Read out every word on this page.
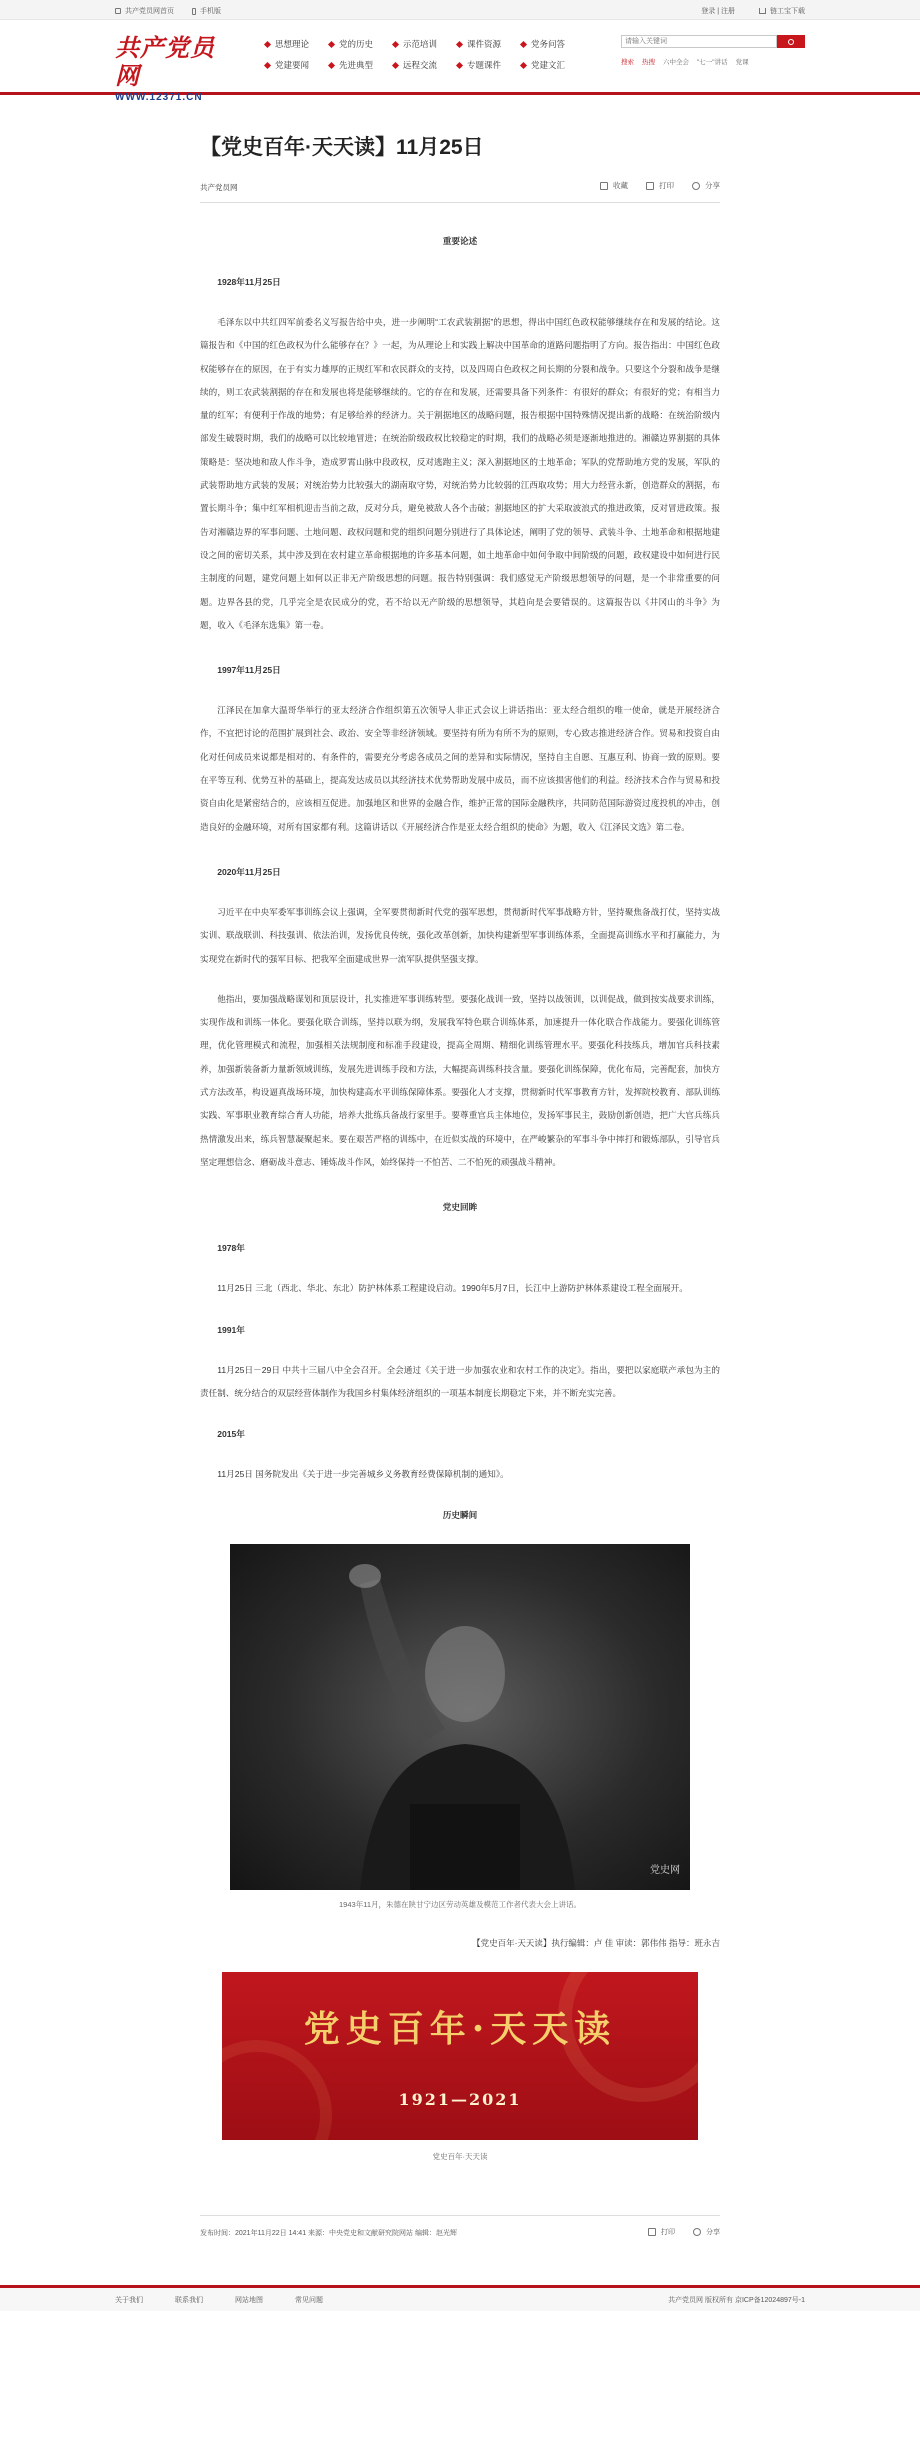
共产党员网首页	手机版	登录 | 注册	链工宝下载
共产党员网
WWW.12371.CN
思想理论	党的历史	示范培训	课件资源	党务问答
党建要闻	先进典型	远程交流	专题课件	党建文汇
请输入关键词	搜索 热搜 六中全会 "七一"讲话 党课
【党史百年·天天读】11月25日
共产党员网	收藏	打印	分享
重要论述
1928年11月25日

毛泽东以中共红四军前委名义写报告给中央，进一步阐明“工农武装割据”的思想，得出中国红色政权能够继续存在和发展的结论。这篇报告和《中国的红色政权为什么能够存在？》一起，为从理论上和实践上解决中国革命的道路问题指明了方向。报告指出：中国红色政权能够存在的原因，在于有实力雄厚的正规红军和农民群众的支持，以及四周白色政权之间长期的分裂和战争。只要这个分裂和战争是继续的，则工农武装割据的存在和发展也将是能够继续的。它的存在和发展，还需要具备下列条件：有很好的群众；有很好的党；有相当力量的红军；有便利于作战的地势；有足够给养的经济力。关于割据地区的战略问题，报告根据中国特殊情况提出新的战略：在统治阶级内部发生破裂时期，我们的战略可以比较地冒进；在统治阶级政权比较稳定的时期，我们的战略必须是逐渐地推进的。湘赣边界割据的具体策略是：坚决地和敌人作斗争，造成罗霄山脉中段政权，反对逃跑主义；深入割据地区的土地革命；军队的党帮助地方党的发展，军队的武装帮助地方武装的发展；对统治势力比较强大的湖南取守势，对统治势力比较弱的江西取攻势；用大力经营永新，创造群众的割据，布置长期斗争；集中红军相机迎击当前之敌，反对分兵，避免被敌人各个击破；割据地区的扩大采取波浪式的推进政策，反对冒进政策。报告对湘赣边界的军事问题、土地问题、政权问题和党的组织问题分别进行了具体论述，阐明了党的领导、武装斗争、土地革命和根据地建设之间的密切关系，其中涉及到在农村建立革命根据地的许多基本问题，如土地革命中如何争取中间阶级的问题，政权建设中如何进行民主制度的问题，建党问题上如何以正非无产阶级思想的问题。报告特别强调：我们感觉无产阶级思想领导的问题，是一个非常重要的问题。边界各县的党，几乎完全是农民成分的党，若不给以无产阶级的思想领导，其趋向是会要错误的。这篇报告以《井冈山的斗争》为题，收入《毛泽东选集》第一卷。

1997年11月25日

江泽民在加拿大温哥华举行的亚太经济合作组织第五次领导人非正式会议上讲话指出：亚太经合组织的唯一使命，就是开展经济合作，不宜把讨论的范围扩展到社会、政治、安全等非经济领域。要坚持有所为有所不为的原则，专心致志推进经济合作。贸易和投资自由化对任何成员来说都是相对的、有条件的，需要充分考虑各成员之间的差异和实际情况，坚持自主自愿、互惠互利、协商一致的原则。要在平等互利、优势互补的基础上，提高发达成员以其经济技术优势帮助发展中成员，而不应该损害他们的利益。经济技术合作与贸易和投资自由化是紧密结合的，应该相互促进。加强地区和世界的金融合作，维护正常的国际金融秩序，共同防范国际游资过度投机的冲击，创造良好的金融环境，对所有国家都有利。这篇讲话以《开展经济合作是亚太经合组织的使命》为题，收入《江泽民文选》第二卷。

2020年11月25日

习近平在中央军委军事训练会议上强调，全军要贯彻新时代党的强军思想，贯彻新时代军事战略方针，坚持聚焦备战打仗，坚持实战实训、联战联训、科技强训、依法治训，发扬优良传统，强化改革创新，加快构建新型军事训练体系，全面提高训练水平和打赢能力，为实现党在新时代的强军目标、把我军全面建成世界一流军队提供坚强支撑。

他指出，要加强战略谋划和顶层设计，扎实推进军事训练转型。要强化战训一致，坚持以战领训，以训促战，做到按实战要求训练，实现作战和训练一体化。要强化联合训练，坚持以联为纲，发展我军特色联合训练体系，加速提升一体化联合作战能力。要强化训练管理，优化管理模式和流程，加强相关法规制度和标准手段建设，提高全周期、精细化训练管理水平。要强化科技练兵，增加官兵科技素养，加强新装备新力量新领域训练，发展先进训练手段和方法，大幅提高训练科技含量。要强化训练保障，优化布局，完善配套，加快方式方法改革，构设逼真战场环境，加快构建高水平训练保障体系。要强化人才支撑，贯彻新时代军事教育方针，发挥院校教育、部队训练实践、军事职业教育综合育人功能，培养大批练兵备战行家里手。要尊重官兵主体地位，发扬军事民主，鼓励创新创造，把广大官兵练兵热情激发出来，练兵智慧凝聚起来。要在艰苦严格的训练中，在近似实战的环境中，在严峻繁杂的军事斗争中摔打和锻炼部队，引导官兵坚定理想信念、磨砺战斗意志、锤炼战斗作风，始终保持一不怕苦、二不怕死的顽强战斗精神。

党史回眸
1978年

11月25日 三北（西北、华北、东北）防护林体系工程建设启动。1990年5月7日，长江中上游防护林体系建设工程全面展开。

1991年

11月25日－29日 中共十三届八中全会召开。全会通过《关于进一步加强农业和农村工作的决定》。指出，要把以家庭联产承包为主的责任制、统分结合的双层经营体制作为我国乡村集体经济组织的一项基本制度长期稳定下来，并不断充实完善。

2015年

11月25日 国务院发出《关于进一步完善城乡义务教育经费保障机制的通知》。

历史瞬间
党史网
1943年11月，朱德在陕甘宁边区劳动英雄及模范工作者代表大会上讲话。
【党史百年·天天读】执行编辑：卢 佳 审读：郭伟伟 指导：班永吉
党史百年·天天读
1921—2021
党史百年·天天读
发布时间：2021年11月22日 14:41 来源：中央党史和文献研究院网站 编辑：赵光辉	打印	分享
关于我们	联系我们	网站地图	常见问题	共产党员网 版权所有 京ICP备12024897号-1
